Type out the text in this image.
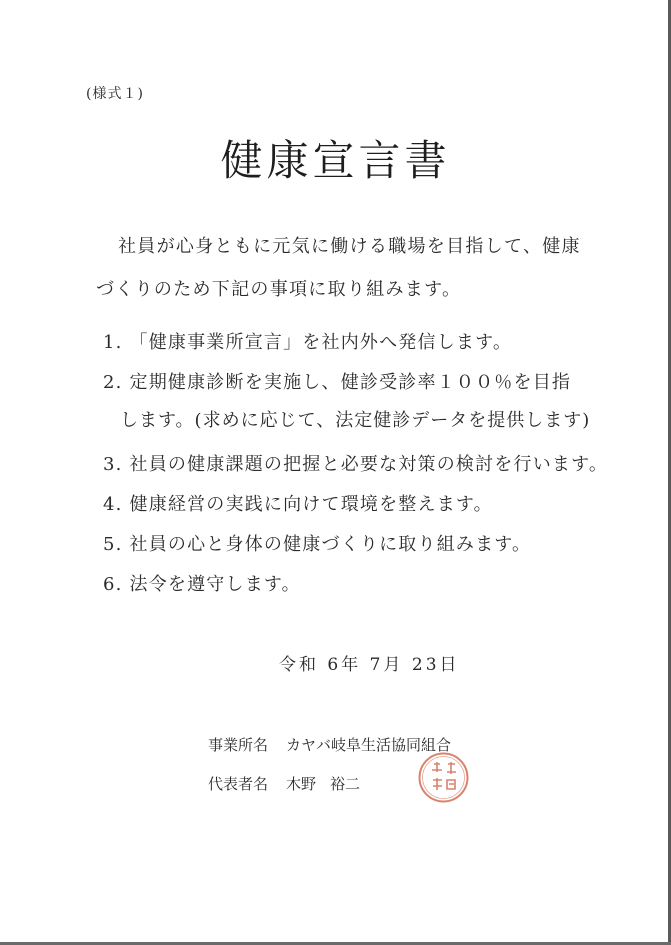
(様式１)
健康宣言書
社員が心身ともに元気に働ける職場を目指して、健康
づくりのため下記の事項に取り組みます。
1. 「健康事業所宣言」を社内外へ発信します。
2. 定期健康診断を実施し、健診受診率１００％を目指
します。(求めに応じて、法定健診データを提供します)
3. 社員の健康課題の把握と必要な対策の検討を行います。
4. 健康経営の実践に向けて環境を整えます。
5. 社員の心と身体の健康づくりに取り組みます。
6. 法令を遵守します。
令和 6年 7月 23日
事業所名 カヤバ岐阜生活協同組合
代表者名 木野 裕二
